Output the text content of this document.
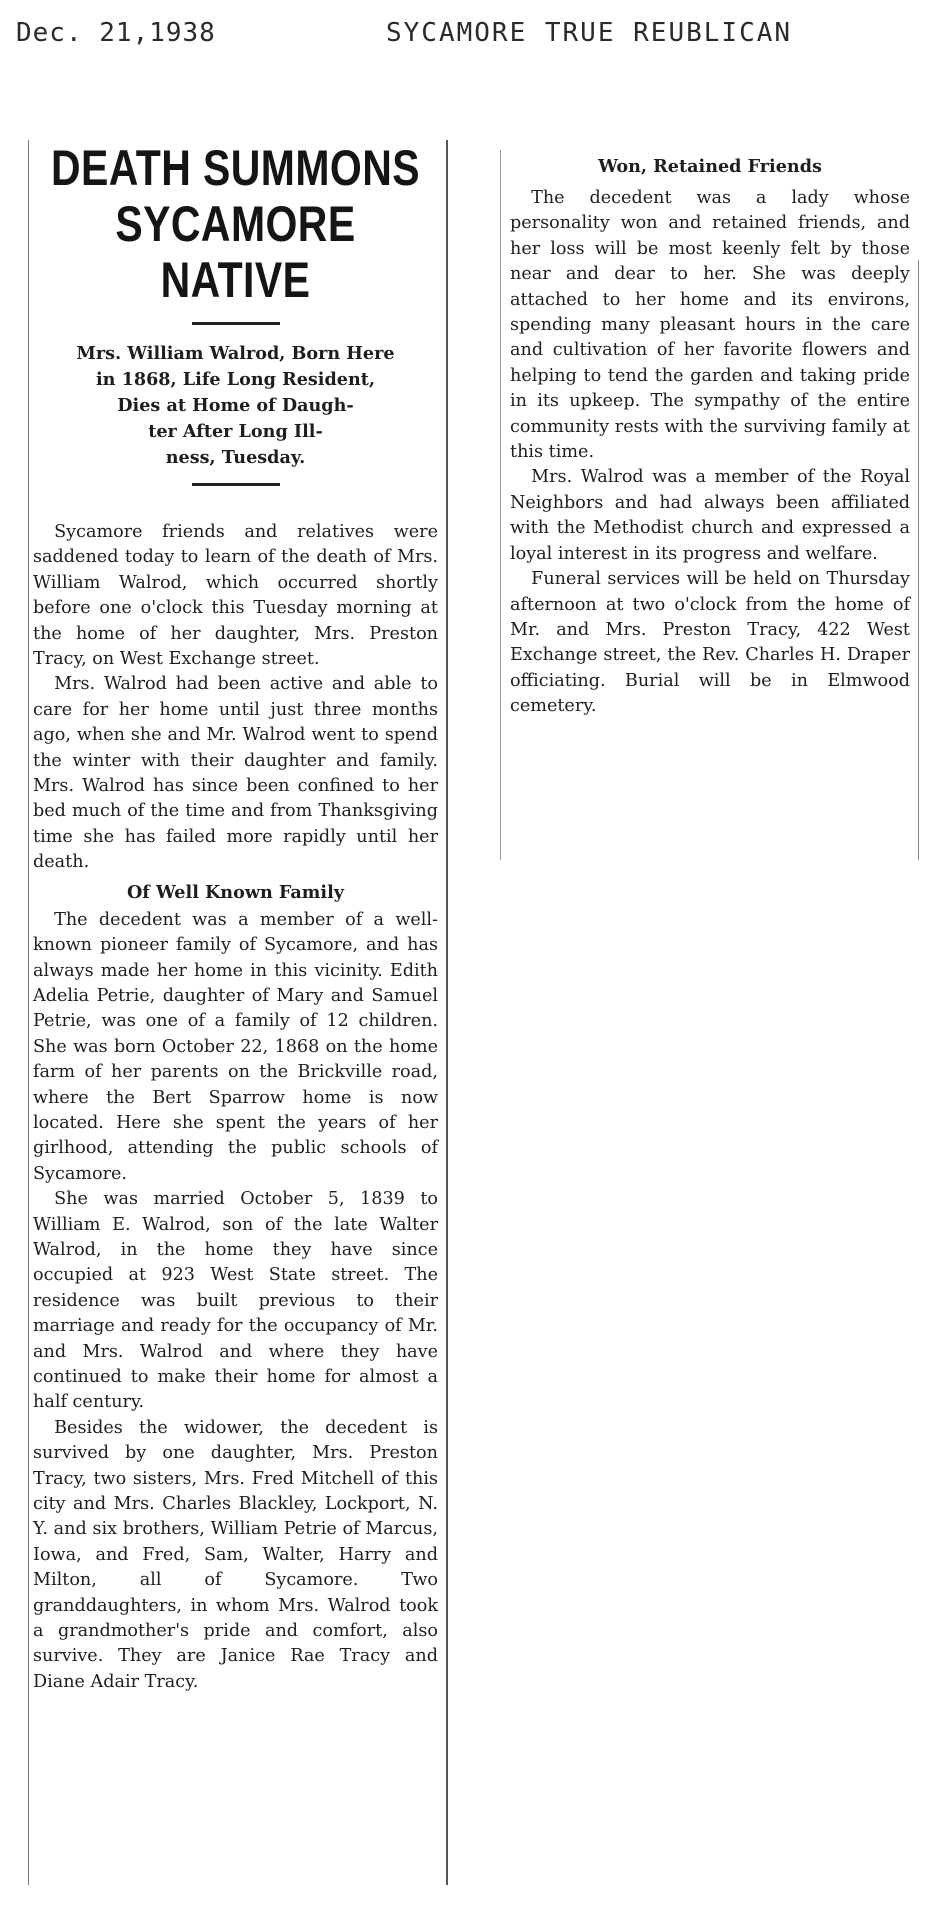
Dec. 21,1938	SYCAMORE TRUE REUBLICAN
DEATH SUMMONS
SYCAMORE NATIVE
Mrs. William Walrod, Born Here
in 1868, Life Long Resident,
Dies at Home of Daugh-
ter After Long Ill-
ness, Tuesday.

Sycamore friends and relatives were saddened today to learn of the death of Mrs. William Walrod, which occurred shortly before one o'clock this Tuesday morning at the home of her daughter, Mrs. Preston Tracy, on West Exchange street.

Mrs. Walrod had been active and able to care for her home until just three months ago, when she and Mr. Walrod went to spend the winter with their daughter and family. Mrs. Walrod has since been confined to her bed much of the time and from Thanksgiving time she has failed more rapidly until her death.

Of Well Known Family

The decedent was a member of a well-known pioneer family of Sycamore, and has always made her home in this vicinity. Edith Adelia Petrie, daughter of Mary and Samuel Petrie, was one of a family of 12 children. She was born October 22, 1868 on the home farm of her parents on the Brickville road, where the Bert Sparrow home is now located. Here she spent the years of her girlhood, attending the public schools of Sycamore.

She was married October 5, 1839 to William E. Walrod, son of the late Walter Walrod, in the home they have since occupied at 923 West State street. The residence was built previous to their marriage and ready for the occupancy of Mr. and Mrs. Walrod and where they have continued to make their home for almost a half century.

Besides the widower, the decedent is survived by one daughter, Mrs. Preston Tracy, two sisters, Mrs. Fred Mitchell of this city and Mrs. Charles Blackley, Lockport, N. Y. and six brothers, William Petrie of Marcus, Iowa, and Fred, Sam, Walter, Harry and Milton, all of Sycamore. Two granddaughters, in whom Mrs. Walrod took a grandmother's pride and comfort, also survive. They are Janice Rae Tracy and Diane Adair Tracy.

Won, Retained Friends

The decedent was a lady whose personality won and retained friends, and her loss will be most keenly felt by those near and dear to her. She was deeply attached to her home and its environs, spending many pleasant hours in the care and cultivation of her favorite flowers and helping to tend the garden and taking pride in its upkeep. The sympathy of the entire community rests with the surviving family at this time.

Mrs. Walrod was a member of the Royal Neighbors and had always been affiliated with the Methodist church and expressed a loyal interest in its progress and welfare.

Funeral services will be held on Thursday afternoon at two o'clock from the home of Mr. and Mrs. Preston Tracy, 422 West Exchange street, the Rev. Charles H. Draper officiating. Burial will be in Elmwood cemetery.
